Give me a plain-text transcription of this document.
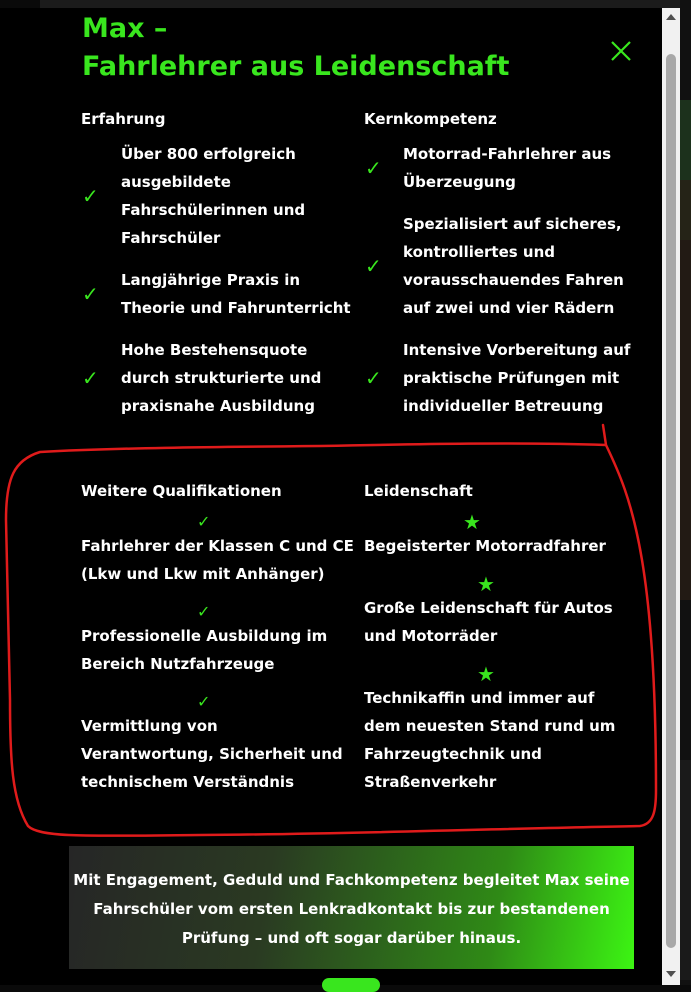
Max –
Fahrlehrer aus Leidenschaft
Erfahrung
✓
Über 800 erfolgreich
ausgebildete
Fahrschülerinnen und
Fahrschüler
✓
Langjährige Praxis in
Theorie und Fahrunterricht
✓
Hohe Bestehensquote
durch strukturierte und
praxisnahe Ausbildung
Kernkompetenz
✓
Motorrad-Fahrlehrer aus
Überzeugung
✓
Spezialisiert auf sicheres,
kontrolliertes und
vorausschauendes Fahren
auf zwei und vier Rädern
✓
Intensive Vorbereitung auf
praktische Prüfungen mit
individueller Betreuung
Weitere Qualifikationen
✓
Fahrlehrer der Klassen C und CE
(Lkw und Lkw mit Anhänger)
✓
Professionelle Ausbildung im
Bereich Nutzfahrzeuge
✓
Vermittlung von
Verantwortung, Sicherheit und
technischem Verständnis
Leidenschaft
★
Begeisterter Motorradfahrer
★
Große Leidenschaft für Autos
und Motorräder
★
Technikaffin und immer auf
dem neuesten Stand rund um
Fahrzeugtechnik und
Straßenverkehr
Mit Engagement, Geduld und Fachkompetenz begleitet Max seine
Fahrschüler vom ersten Lenkradkontakt bis zur bestandenen
Prüfung – und oft sogar darüber hinaus.
